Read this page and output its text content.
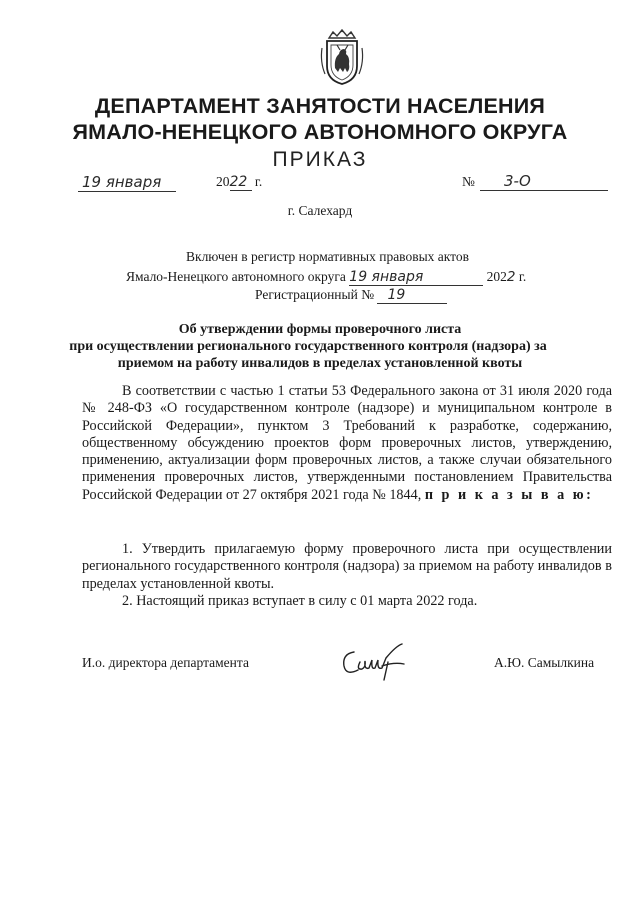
ДЕПАРТАМЕНТ ЗАНЯТОСТИ НАСЕЛЕНИЯ
ЯМАЛО-НЕНЕЦКОГО АВТОНОМНОГО ОКРУГА
ПРИКАЗ
19 января	2022 г.	№	3-О
г. Салехард
Включен в регистр нормативных правовых актов
Ямало-Ненецкого автономного округа 19 января	2022 г.
Регистрационный № 19
Об утверждении формы проверочного листа
при осуществлении регионального государственного контроля (надзора) за
приемом на работу инвалидов в пределах установленной квоты
В соответствии с частью 1 статьи 53 Федерального закона от 31 июля 2020 года № 248-ФЗ «О государственном контроле (надзоре) и муниципальном контроле в Российской Федерации», пунктом 3 Требований к разработке, содержанию, общественному обсуждению проектов форм проверочных листов, утверждению, применению, актуализации форм проверочных листов, а также случаи обязательного применения проверочных листов, утвержденными постановлением Правительства Российской Федерации от 27 октября 2021 года № 1844, п р и к а з ы в а ю:
1. Утвердить прилагаемую форму проверочного листа при осуществлении регионального государственного контроля (надзора) за приемом на работу инвалидов в пределах установленной квоты.
2. Настоящий приказ вступает в силу с 01 марта 2022 года.
И.о. директора департамента	А.Ю. Самылкина
